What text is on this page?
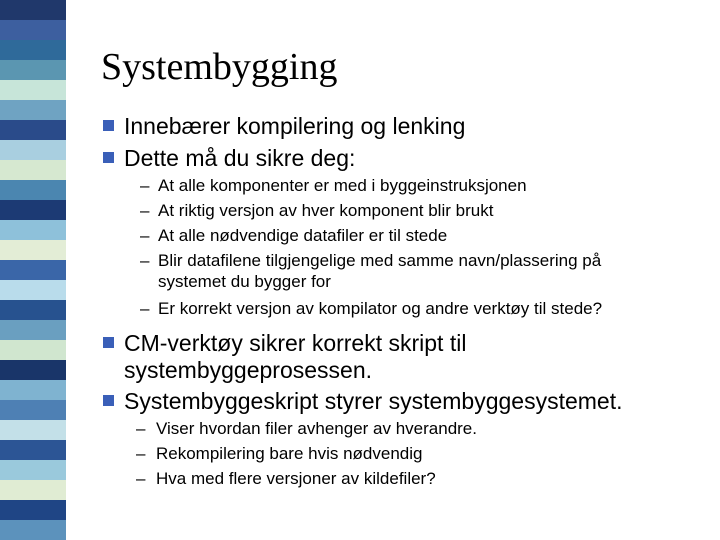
Systembygging

Innebærer kompilering og lenking

Dette må du sikre deg:

– At alle komponenter er med i byggeinstruksjonen

– At riktig versjon av hver komponent blir brukt

– At alle nødvendige datafiler er til stede

– Blir datafilene tilgjengelige med samme navn/plassering på

systemet du bygger for

– Er korrekt versjon av kompilator og andre verktøy til stede?

CM-verktøy sikrer korrekt skript til

systembyggeprosessen.

Systembyggeskript styrer systembyggesystemet.

– Viser hvordan filer avhenger av hverandre.

– Rekompilering bare hvis nødvendig

– Hva med flere versjoner av kildefiler?
